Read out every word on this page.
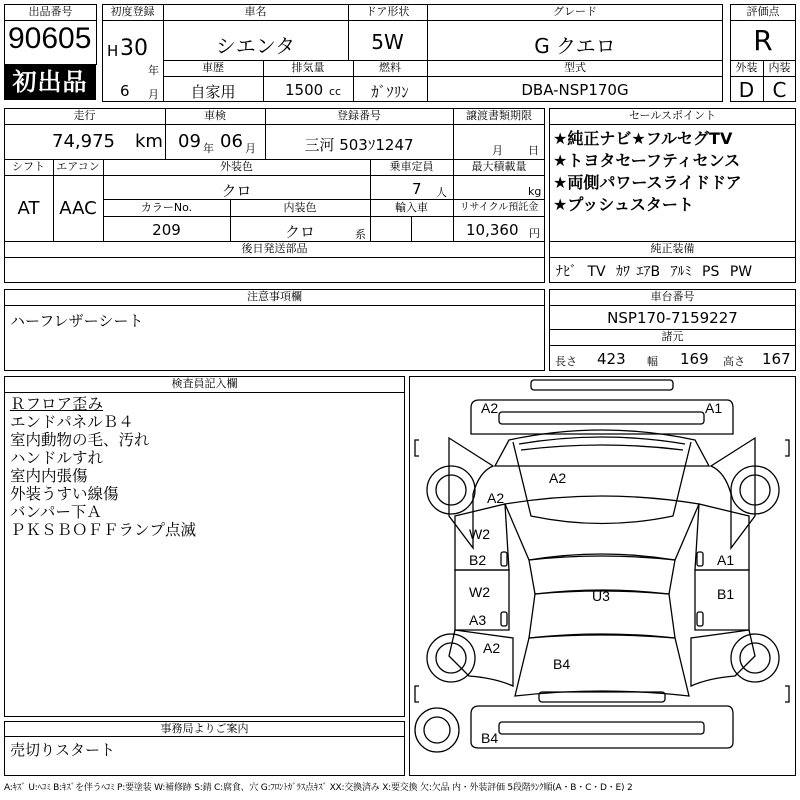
出品番号
90605
初出品
初度登録
H 30
年
6 月
車名
シエンタ
ドア形状
5W
グレード
G クエロ
車歴
自家用
排気量
1500 cc
燃料
ｶﾞｿﾘﾝ
型式
DBA-NSP170G
評価点
R
外装
D
内装
C
走行
74,975 km
車検
09 年 06 月
登録番号
三河 503ｿ1247
譲渡書類期限
月 日
シフト
AT
エアコン
AAC
外装色
クロ
乗車定員
7 人
最大積載量
kg
カラーNo.
209
内装色
クロ	系
輸入車	リサイクル預託金
10,360 円
後日発送部品
セールスポイント
★純正ナビ★フルセグTV
★トヨタセーフティセンス
★両側パワースライドドア
★プッシュスタート
純正装備
ﾅﾋﾞ TV ｶﾜ ｴｱB ｱﾙﾐ PS PW
注意事項欄
ハーフレザーシート
車台番号
NSP170-7159227
諸元
長さ 423 幅 169 高さ 167
検査員記入欄
Ｒフロア歪み
エンドパネルＢ４
室内動物の毛、汚れ
ハンドルすれ
室内内張傷
外装うすい線傷
バンパー下Ａ
ＰＫＳＢＯＦＦランプ点滅
事務局よりご案内
売切りスタート
A2	A1
A2
A2
W2
B2	A1
W2
A3
U3	B1
A2
B4
B4
A:ｷｽﾞ U:ﾍｺﾐ B:ｷｽﾞを伴うﾍｺﾐ P:要塗装 W:補修跡 S:錆 C:腐食、穴 G:ﾌﾛﾝﾄｶﾞﾗｽ点ｷｽﾞ XX:交換済み X:要交換 欠:欠品 内・外装評価 5段階ﾗﾝｸ順(A・B・C・D・E) 2
